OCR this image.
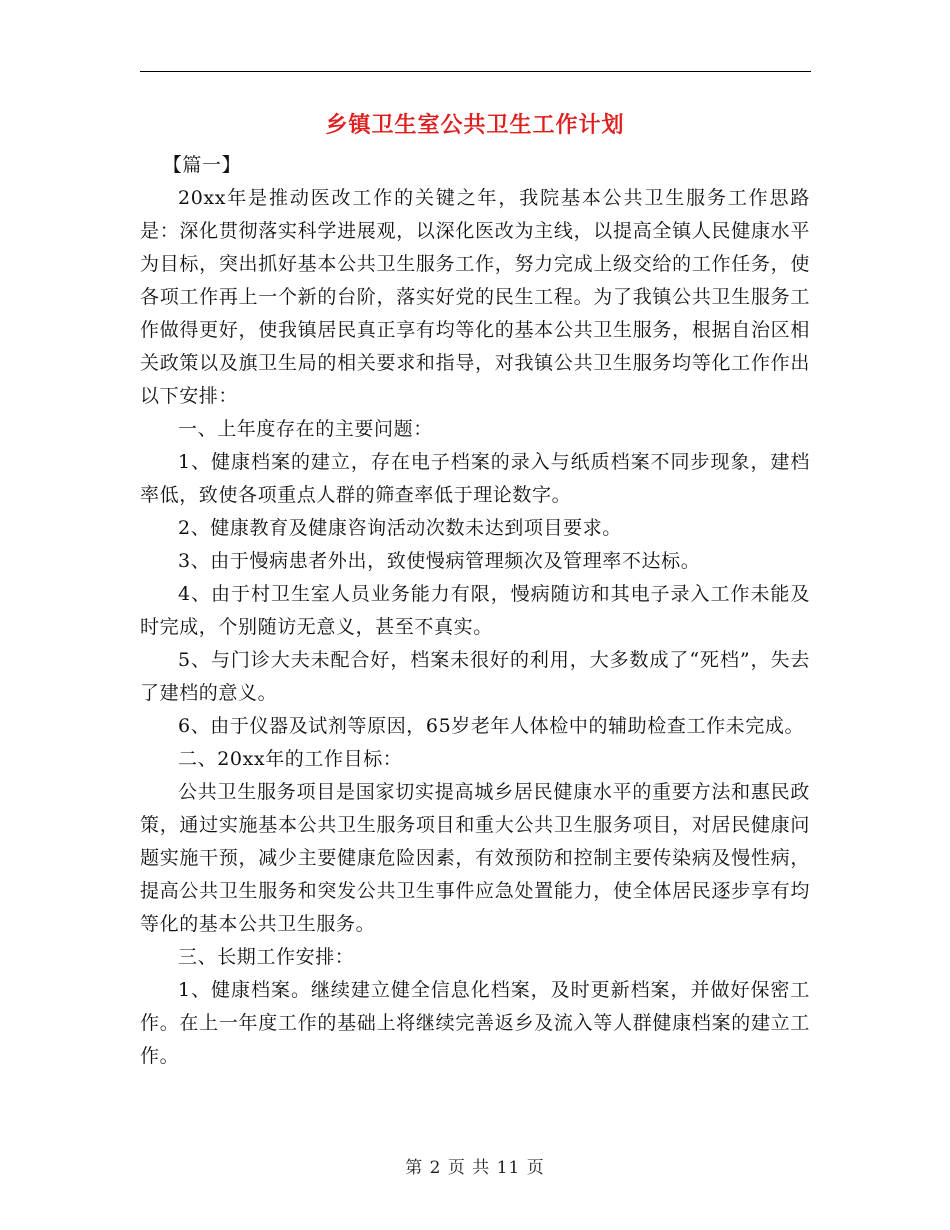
乡镇卫生室公共卫生工作计划

【篇一】

20xx年是推动医改工作的关键之年，我院基本公共卫生服务工作思路是：深化贯彻落实科学进展观，以深化医改为主线，以提高全镇人民健康水平为目标，突出抓好基本公共卫生服务工作，努力完成上级交给的工作任务，使各项工作再上一个新的台阶，落实好党的民生工程。为了我镇公共卫生服务工作做得更好，使我镇居民真正享有均等化的基本公共卫生服务，根据自治区相关政策以及旗卫生局的相关要求和指导，对我镇公共卫生服务均等化工作作出以下安排：

一、上年度存在的主要问题：

1、健康档案的建立，存在电子档案的录入与纸质档案不同步现象，建档率低，致使各项重点人群的筛查率低于理论数字。

2、健康教育及健康咨询活动次数未达到项目要求。

3、由于慢病患者外出，致使慢病管理频次及管理率不达标。

4、由于村卫生室人员业务能力有限，慢病随访和其电子录入工作未能及时完成，个别随访无意义，甚至不真实。

5、与门诊大夫未配合好，档案未很好的利用，大多数成了“死档”，失去了建档的意义。

6、由于仪器及试剂等原因，65岁老年人体检中的辅助检查工作未完成。

二、20xx年的工作目标：

公共卫生服务项目是国家切实提高城乡居民健康水平的重要方法和惠民政策，通过实施基本公共卫生服务项目和重大公共卫生服务项目，对居民健康问题实施干预，减少主要健康危险因素，有效预防和控制主要传染病及慢性病，提高公共卫生服务和突发公共卫生事件应急处置能力，使全体居民逐步享有均等化的基本公共卫生服务。

三、长期工作安排：

1、健康档案。继续建立健全信息化档案，及时更新档案，并做好保密工作。在上一年度工作的基础上将继续完善返乡及流入等人群健康档案的建立工作。

第 2 页 共 11 页
